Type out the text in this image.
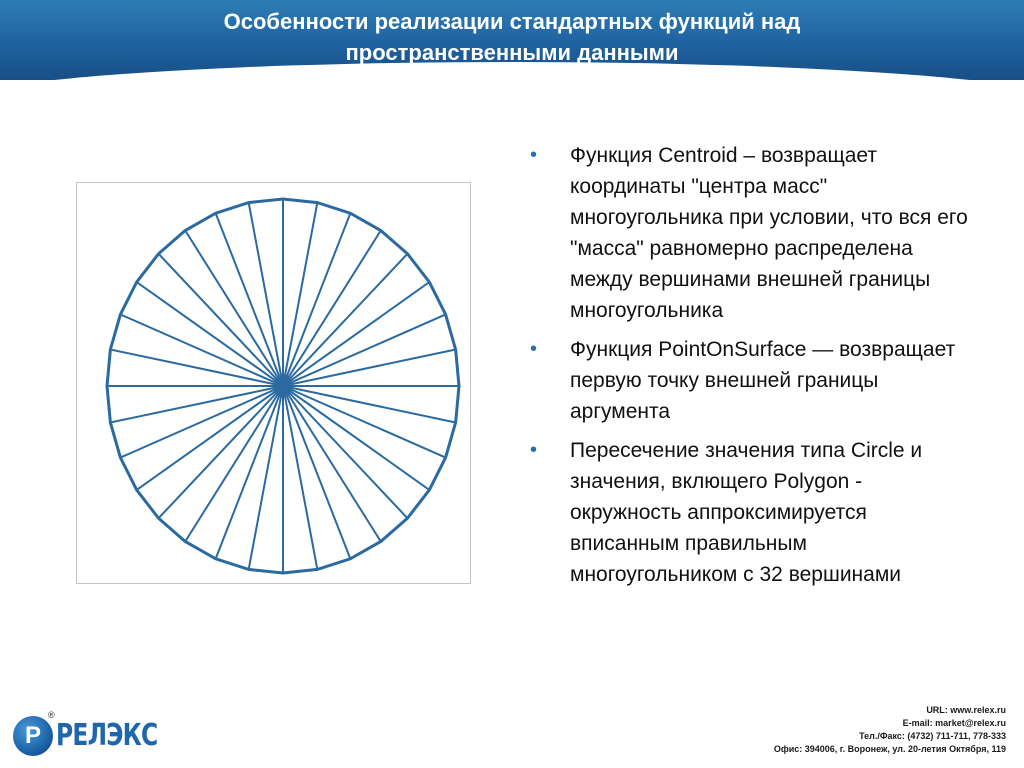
Особенности реализации стандартных функций над
пространственными данными
• Функция Centroid – возвращает координаты "центра масс" многоугольника при условии, что вся его "масса" равномерно распределена между вершинами внешней границы многоугольника
• Функция PointOnSurface — возвращает первую точку внешней границы аргумента
• Пересечение значения типа Circle и значения, вклющего Polygon - окружность аппроксимируется вписанным правильным многоугольником с 32 вершинами
Р
®
РЕЛЭКС
URL: www.relex.ru
E-mail: market@relex.ru
Тел./Факс: (4732) 711-711, 778-333
Офис: 394006, г. Воронеж, ул. 20-летия Октября, 119
